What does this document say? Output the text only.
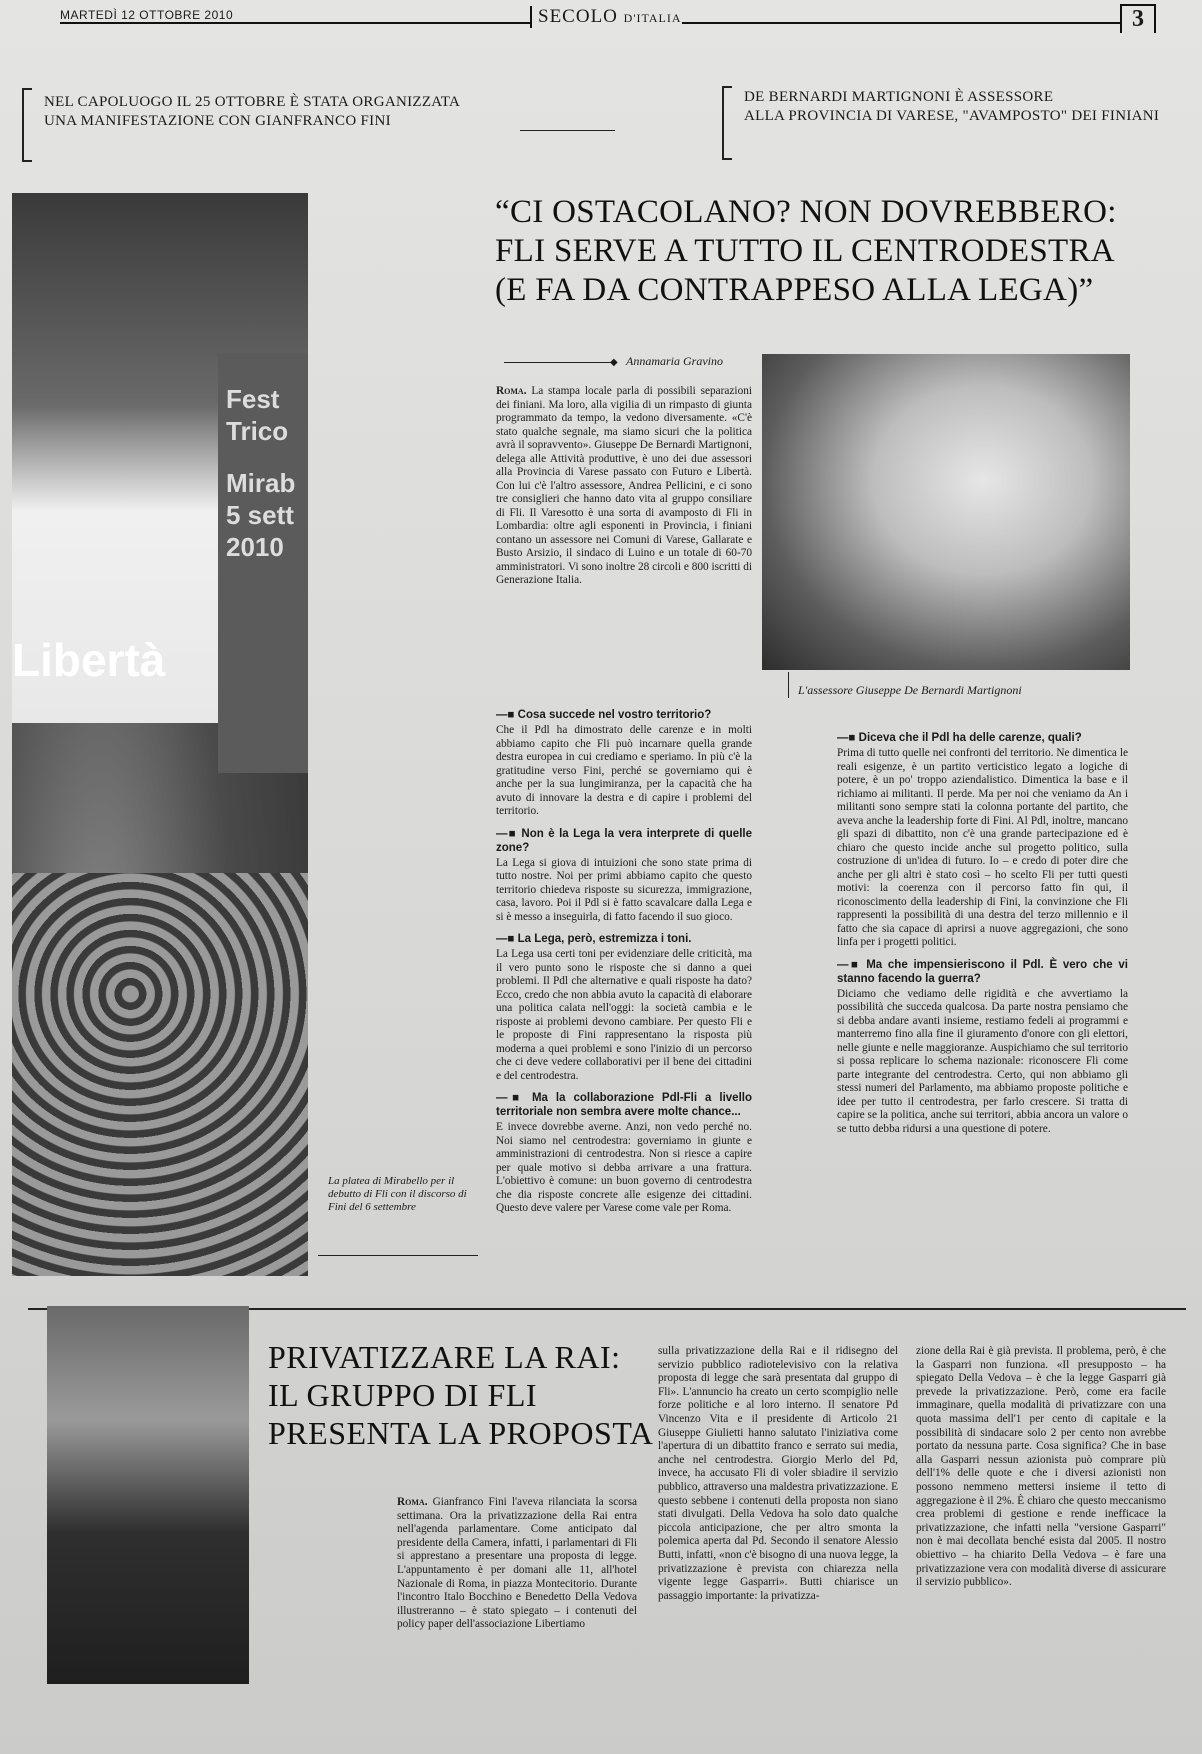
MARTEDÌ 12 OTTOBRE 2010	SECOLO D'ITALIA	3
NEL CAPOLUOGO IL 25 OTTOBRE È STATA ORGANIZZATA
UNA MANIFESTAZIONE CON GIANFRANCO FINI
DE BERNARDI MARTIGNONI È ASSESSORE
ALLA PROVINCIA DI VARESE, "AVAMPOSTO" DEI FINIANI
Libertà
Fest
Trico
Mirab
5 sett
2010
“CI OSTACOLANO? NON DOVREBBERO:
FLI SERVE A TUTTO IL CENTRODESTRA
(E FA DA CONTRAPPESO ALLA LEGA)”
◆ Annamaria Gravino

Roma. La stampa locale parla di possibili separazioni dei finiani. Ma loro, alla vigilia di un rimpasto di giunta programmato da tempo, la vedono diversamente. «C'è stato qualche segnale, ma siamo sicuri che la politica avrà il sopravvento». Giuseppe De Bernardi Martignoni, delega alle Attività produttive, è uno dei due assessori alla Provincia di Varese passato con Futuro e Libertà. Con lui c'è l'altro assessore, Andrea Pellicini, e ci sono tre consiglieri che hanno dato vita al gruppo consiliare di Fli. Il Varesotto è una sorta di avamposto di Fli in Lombardia: oltre agli esponenti in Provincia, i finiani contano un assessore nei Comuni di Varese, Gallarate e Busto Arsizio, il sindaco di Luino e un totale di 60-70 amministratori. Vi sono inoltre 28 circoli e 800 iscritti di Generazione Italia.

L'assessore Giuseppe De Bernardi Martignoni
—■ Cosa succede nel vostro territorio?

Che il Pdl ha dimostrato delle carenze e in molti abbiamo capito che Fli può incarnare quella grande destra europea in cui crediamo e speriamo. In più c'è la gratitudine verso Fini, perché se governiamo qui è anche per la sua lungimiranza, per la capacità che ha avuto di innovare la destra e di capire i problemi del territorio.

—■ Non è la Lega la vera interprete di quelle zone?

La Lega si giova di intuizioni che sono state prima di tutto nostre. Noi per primi abbiamo capito che questo territorio chiedeva risposte su sicurezza, immigrazione, casa, lavoro. Poi il Pdl si è fatto scavalcare dalla Lega e si è messo a inseguirla, di fatto facendo il suo gioco.

—■ La Lega, però, estremizza i toni.

La Lega usa certi toni per evidenziare delle criticità, ma il vero punto sono le risposte che si danno a quei problemi. Il Pdl che alternative e quali risposte ha dato? Ecco, credo che non abbia avuto la capacità di elaborare una politica calata nell'oggi: la società cambia e le risposte ai problemi devono cambiare. Per questo Fli e le proposte di Fini rappresentano la risposta più moderna a quei problemi e sono l'inizio di un percorso che ci deve vedere collaborativi per il bene dei cittadini e del centrodestra.

—■ Ma la collaborazione Pdl-Fli a livello territoriale non sembra avere molte chance...

E invece dovrebbe averne. Anzi, non vedo perché no. Noi siamo nel centrodestra: governiamo in giunte e amministrazioni di centrodestra. Non si riesce a capire per quale motivo si debba arrivare a una frattura. L'obiettivo è comune: un buon governo di centrodestra che dia risposte concrete alle esigenze dei cittadini. Questo deve valere per Varese come vale per Roma.

—■ Diceva che il Pdl ha delle carenze, quali?

Prima di tutto quelle nei confronti del territorio. Ne dimentica le reali esigenze, è un partito verticistico legato a logiche di potere, è un po' troppo aziendalistico. Dimentica la base e il richiamo ai militanti. Il perde. Ma per noi che veniamo da An i militanti sono sempre stati la colonna portante del partito, che aveva anche la leadership forte di Fini. Al Pdl, inoltre, mancano gli spazi di dibattito, non c'è una grande partecipazione ed è chiaro che questo incide anche sul progetto politico, sulla costruzione di un'idea di futuro. Io – e credo di poter dire che anche per gli altri è stato così – ho scelto Fli per tutti questi motivi: la coerenza con il percorso fatto fin qui, il riconoscimento della leadership di Fini, la convinzione che Fli rappresenti la possibilità di una destra del terzo millennio e il fatto che sia capace di aprirsi a nuove aggregazioni, che sono linfa per i progetti politici.

—■ Ma che impensieriscono il Pdl. È vero che vi stanno facendo la guerra?

Diciamo che vediamo delle rigidità e che avvertiamo la possibilità che succeda qualcosa. Da parte nostra pensiamo che si debba andare avanti insieme, restiamo fedeli ai programmi e manterremo fino alla fine il giuramento d'onore con gli elettori, nelle giunte e nelle maggioranze. Auspichiamo che sul territorio si possa replicare lo schema nazionale: riconoscere Fli come parte integrante del centrodestra. Certo, qui non abbiamo gli stessi numeri del Parlamento, ma abbiamo proposte politiche e idee per tutto il centrodestra, per farlo crescere. Si tratta di capire se la politica, anche sui territori, abbia ancora un valore o se tutto debba ridursi a una questione di potere.

La platea di Mirabello per il debutto di Fli con il discorso di Fini del 6 settembre
PRIVATIZZARE LA RAI:
IL GRUPPO DI FLI
PRESENTA LA PROPOSTA
Roma. Gianfranco Fini l'aveva rilanciata la scorsa settimana. Ora la privatizzazione della Rai entra nell'agenda parlamentare. Come anticipato dal presidente della Camera, infatti, i parlamentari di Fli si apprestano a presentare una proposta di legge. L'appuntamento è per domani alle 11, all'hotel Nazionale di Roma, in piazza Montecitorio. Durante l'incontro Italo Bocchino e Benedetto Della Vedova illustreranno – è stato spiegato – i contenuti del policy paper dell'associazione Libertiamo
sulla privatizzazione della Rai e il ridisegno del servizio pubblico radiotelevisivo con la relativa proposta di legge che sarà presentata dal gruppo di Fli». L'annuncio ha creato un certo scompiglio nelle forze politiche e al loro interno. Il senatore Pd Vincenzo Vita e il presidente di Articolo 21 Giuseppe Giulietti hanno salutato l'iniziativa come l'apertura di un dibattito franco e serrato sui media, anche nel centrodestra. Giorgio Merlo del Pd, invece, ha accusato Fli di voler sbiadire il servizio pubblico, attraverso una maldestra privatizzazione. E questo sebbene i contenuti della proposta non siano stati divulgati. Della Vedova ha solo dato qualche piccola anticipazione, che per altro smonta la polemica aperta dal Pd. Secondo il senatore Alessio Butti, infatti, «non c'è bisogno di una nuova legge, la privatizzazione è prevista con chiarezza nella vigente legge Gasparri». Butti chiarisce un passaggio importante: la privatizza-
zione della Rai è già prevista. Il problema, però, è che la Gasparri non funziona. «Il presupposto – ha spiegato Della Vedova – è che la legge Gasparri già prevede la privatizzazione. Però, come era facile immaginare, quella modalità di privatizzare con una quota massima dell'1 per cento di capitale e la possibilità di sindacare solo 2 per cento non avrebbe portato da nessuna parte. Cosa significa? Che in base alla Gasparri nessun azionista può comprare più dell'1% delle quote e che i diversi azionisti non possono nemmeno mettersi insieme il tetto di aggregazione è il 2%. È chiaro che questo meccanismo crea problemi di gestione e rende inefficace la privatizzazione, che infatti nella "versione Gasparri" non è mai decollata benché esista dal 2005. Il nostro obiettivo – ha chiarito Della Vedova – è fare una privatizzazione vera con modalità diverse di assicurare il servizio pubblico».
